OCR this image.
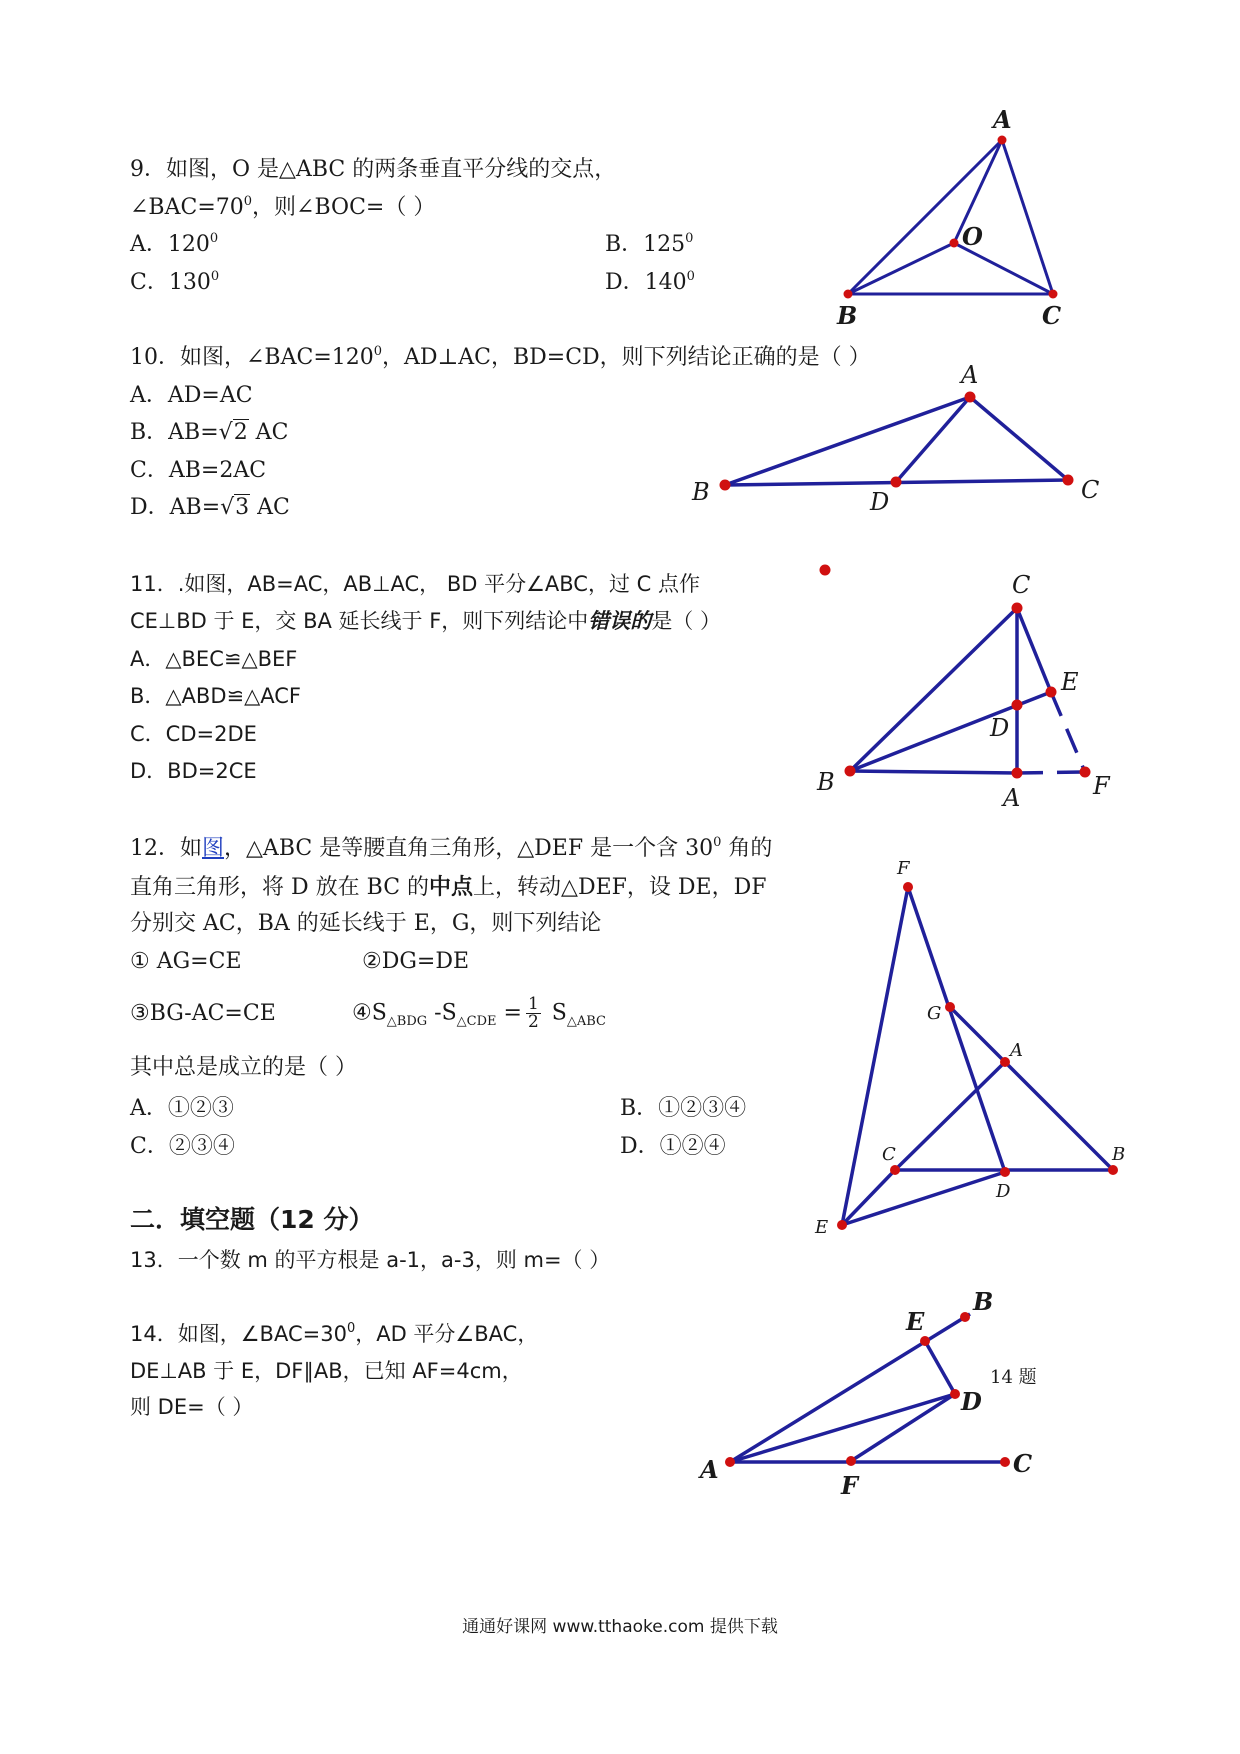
9．如图，O 是△ABC 的两条垂直平分线的交点，
$\angle BAC=70^0$，则∠BOC=（ ）
A．$120^0$	B．$125^0$
C．$130^0$	D．$140^0$
A
B	C
O
10．如图，$\angle BAC=120^0$，AD⊥AC，BD=CD，则下列结论正确的是（ ）
A．AD=AC
B．AB=√2 AC
C．AB=2AC
D．AB=√3 AC
A
B	C
D
11．.如图，AB=AC，AB⊥AC， BD 平分∠ABC，过 C 点作
CE⊥BD 于 E，交 BA 延长线于 F，则下列结论中错误的是（ ）
A．△BEC≌△BEF
B．△ABD≌△ACF
C．CD=2DE
D．BD=2CE
C
B
A
D
E
F
12．如图，△ABC 是等腰直角三角形，△DEF 是一个含 $30^0$ 角的
直角三角形，将 D 放在 BC 的中点上，转动△DEF，设 DE，DF
分别交 AC，BA 的延长线于 E，G，则下列结论
① AG=CE	②DG=DE
③BG-AC=CE	$④S_{\triangle BDG}$ $-S_{\triangle CDE} = \frac{1}{2} S_{\triangle ABC}$
其中总是成立的是（ ）
A．①②③	B．①②③④
C．②③④	D．①②④
F
G
A
C
D
B
E
二．填空题（12 分）
13．一个数 m 的平方根是 a-1，a-3，则 m=（ ）
14．如图，$\angle BAC=30^0$，AD 平分∠BAC，
DE⊥AB 于 E，DF∥AB，已知 AF=4cm，
则 DE=（ ）
A
F
C
D
E
B
14 题
通通好课网 www.tthaoke.com 提供下载
